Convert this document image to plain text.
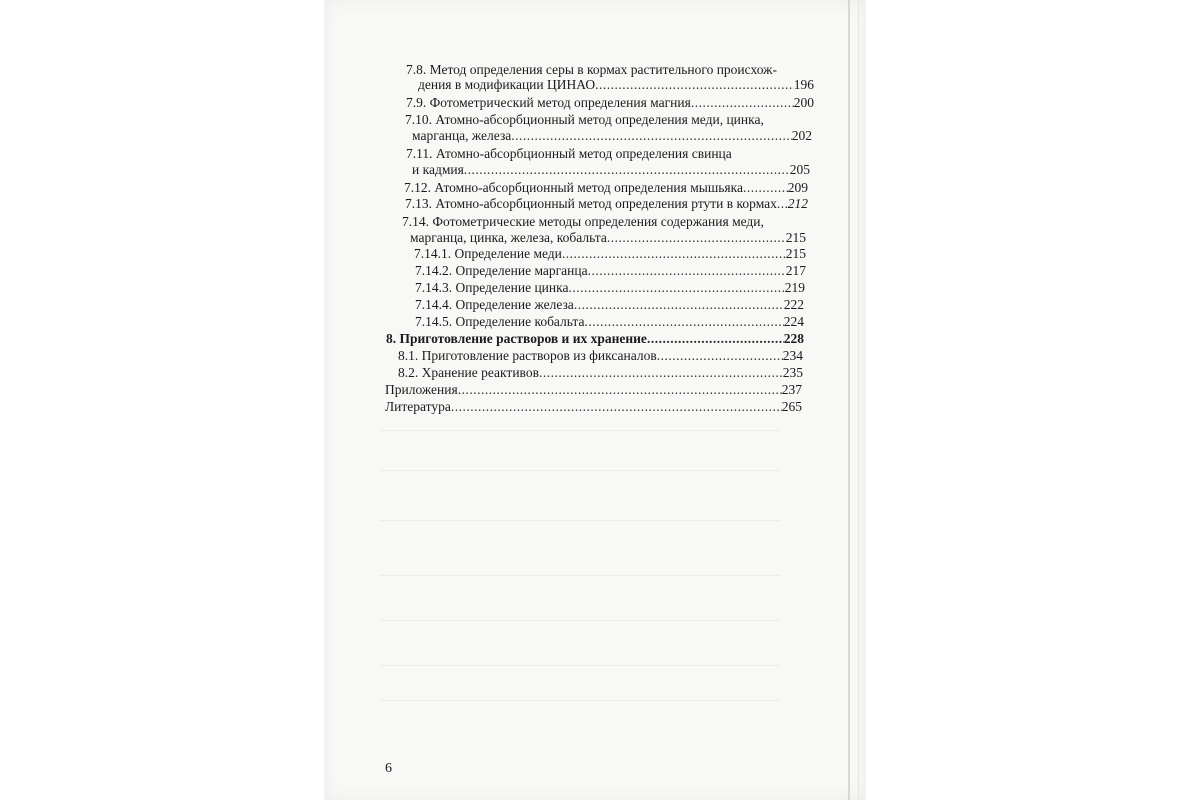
7.8. Метод определения серы в кормах растительного происхож-
дения в модификации ЦИНАО .....	196
7.9. Фотометрический метод определения магния .....	200
7.10. Атомно-абсорбционный метод определения меди, цинка,
марганца, железа .....	202
7.11. Атомно-абсорбционный метод определения свинца
и кадмия .....	205
7.12. Атомно-абсорбционный метод определения мышьяка .....	209
7.13. Атомно-абсорбционный метод определения ртути в кормах ..... 212
7.14. Фотометрические методы определения содержания меди,
марганца, цинка, железа, кобальта .....	215
7.14.1. Определение меди .....	215
7.14.2. Определение марганца .....	217
7.14.3. Определение цинка .....	219
7.14.4. Определение железа .....	222
7.14.5. Определение кобальта .....	224
8. Приготовление растворов и их хранение .....	228
8.1. Приготовление растворов из фиксаналов .....	234
8.2. Хранение реактивов .....	235
Приложения .....	237
Литература .....	265
6
